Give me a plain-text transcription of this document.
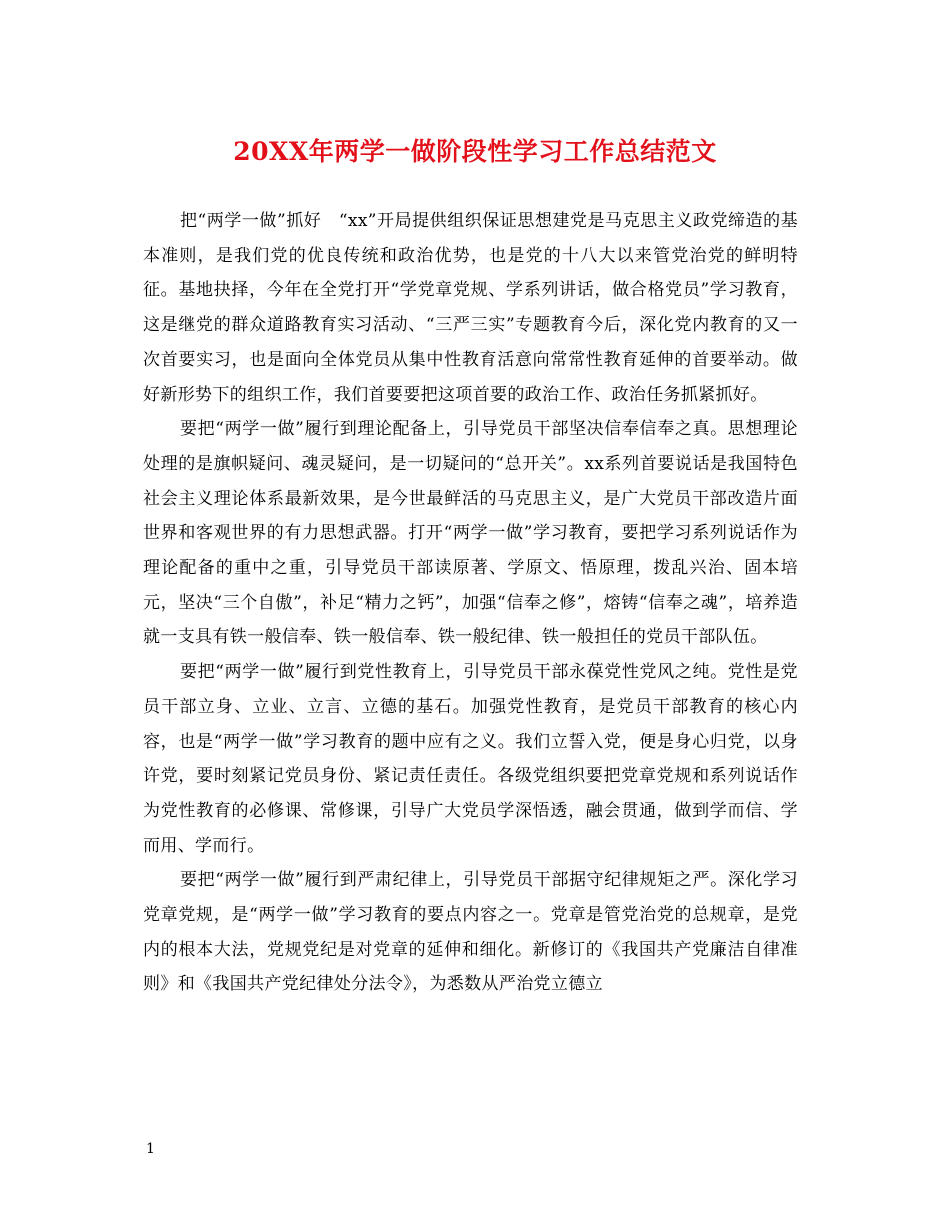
20XX年两学一做阶段性学习工作总结范文

把“两学一做”抓好　“xx”开局提供组织保证思想建党是马克思主义政党缔造的基本准则，是我们党的优良传统和政治优势，也是党的十八大以来管党治党的鲜明特征。基地抉择，今年在全党打开“学党章党规、学系列讲话，做合格党员”学习教育，这是继党的群众道路教育实习活动、“三严三实”专题教育今后，深化党内教育的又一次首要实习，也是面向全体党员从集中性教育活意向常常性教育延伸的首要举动。做好新形势下的组织工作，我们首要要把这项首要的政治工作、政治任务抓紧抓好。

要把“两学一做”履行到理论配备上，引导党员干部坚决信奉信奉之真。思想理论处理的是旗帜疑问、魂灵疑问，是一切疑问的“总开关”。xx系列首要说话是我国特色社会主义理论体系最新效果，是今世最鲜活的马克思主义，是广大党员干部改造片面世界和客观世界的有力思想武器。打开“两学一做”学习教育，要把学习系列说话作为理论配备的重中之重，引导党员干部读原著、学原文、悟原理，拨乱兴治、固本培元，坚决“三个自傲”，补足“精力之钙”，加强“信奉之修”，熔铸“信奉之魂”，培养造就一支具有铁一般信奉、铁一般信奉、铁一般纪律、铁一般担任的党员干部队伍。

要把“两学一做”履行到党性教育上，引导党员干部永葆党性党风之纯。党性是党员干部立身、立业、立言、立德的基石。加强党性教育，是党员干部教育的核心内容，也是“两学一做”学习教育的题中应有之义。我们立誓入党，便是身心归党，以身许党，要时刻紧记党员身份、紧记责任责任。各级党组织要把党章党规和系列说话作为党性教育的必修课、常修课，引导广大党员学深悟透，融会贯通，做到学而信、学而用、学而行。

要把“两学一做”履行到严肃纪律上，引导党员干部据守纪律规矩之严。深化学习党章党规，是“两学一做”学习教育的要点内容之一。党章是管党治党的总规章，是党内的根本大法，党规党纪是对党章的延伸和细化。新修订的《我国共产党廉洁自律准则》和《我国共产党纪律处分法令》，为悉数从严治党立德立

1
